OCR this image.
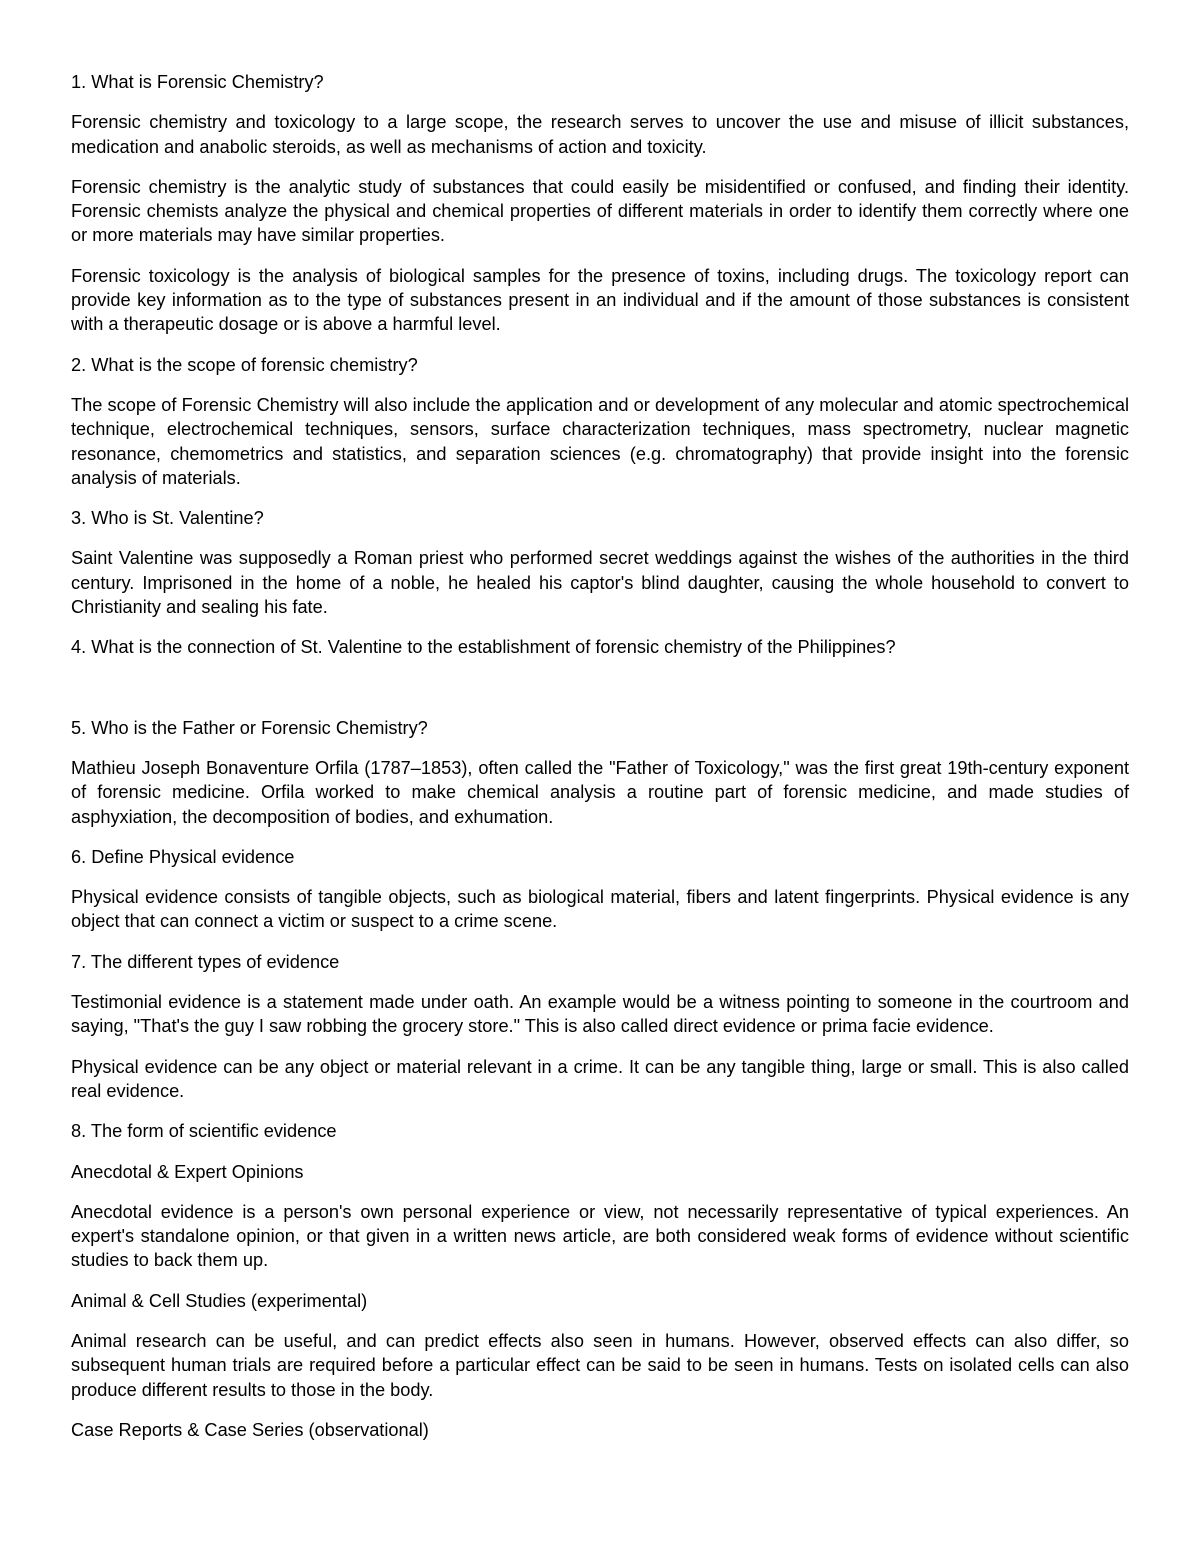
1. What is Forensic Chemistry?

Forensic chemistry and toxicology to a large scope, the research serves to uncover the use and misuse of illicit substances, medication and anabolic steroids, as well as mechanisms of action and toxicity.

Forensic chemistry is the analytic study of substances that could easily be misidentified or confused, and finding their identity. Forensic chemists analyze the physical and chemical properties of different materials in order to identify them correctly where one or more materials may have similar properties.

Forensic toxicology is the analysis of biological samples for the presence of toxins, including drugs. The toxicology report can provide key information as to the type of substances present in an individual and if the amount of those substances is consistent with a therapeutic dosage or is above a harmful level.

2. What is the scope of forensic chemistry?

The scope of Forensic Chemistry will also include the application and or development of any molecular and atomic spectrochemical technique, electrochemical techniques, sensors, surface characterization techniques, mass spectrometry, nuclear magnetic resonance, chemometrics and statistics, and separation sciences (e.g. chromatography) that provide insight into the forensic analysis of materials.

3. Who is St. Valentine?

Saint Valentine was supposedly a Roman priest who performed secret weddings against the wishes of the authorities in the third century. Imprisoned in the home of a noble, he healed his captor's blind daughter, causing the whole household to convert to Christianity and sealing his fate.

4. What is the connection of St. Valentine to the establishment of forensic chemistry of the Philippines?

5. Who is the Father or Forensic Chemistry?

Mathieu Joseph Bonaventure Orfila (1787–1853), often called the "Father of Toxicology," was the first great 19th-century exponent of forensic medicine. Orfila worked to make chemical analysis a routine part of forensic medicine, and made studies of asphyxiation, the decomposition of bodies, and exhumation.

6. Define Physical evidence

Physical evidence consists of tangible objects, such as biological material, fibers and latent fingerprints. Physical evidence is any object that can connect a victim or suspect to a crime scene.

7. The different types of evidence

Testimonial evidence is a statement made under oath. An example would be a witness pointing to someone in the courtroom and saying, "That's the guy I saw robbing the grocery store." This is also called direct evidence or prima facie evidence.

Physical evidence can be any object or material relevant in a crime. It can be any tangible thing, large or small. This is also called real evidence.

8. The form of scientific evidence

Anecdotal & Expert Opinions

Anecdotal evidence is a person's own personal experience or view, not necessarily representative of typical experiences. An expert's standalone opinion, or that given in a written news article, are both considered weak forms of evidence without scientific studies to back them up.

Animal & Cell Studies (experimental)

Animal research can be useful, and can predict effects also seen in humans. However, observed effects can also differ, so subsequent human trials are required before a particular effect can be said to be seen in humans. Tests on isolated cells can also produce different results to those in the body.

Case Reports & Case Series (observational)
